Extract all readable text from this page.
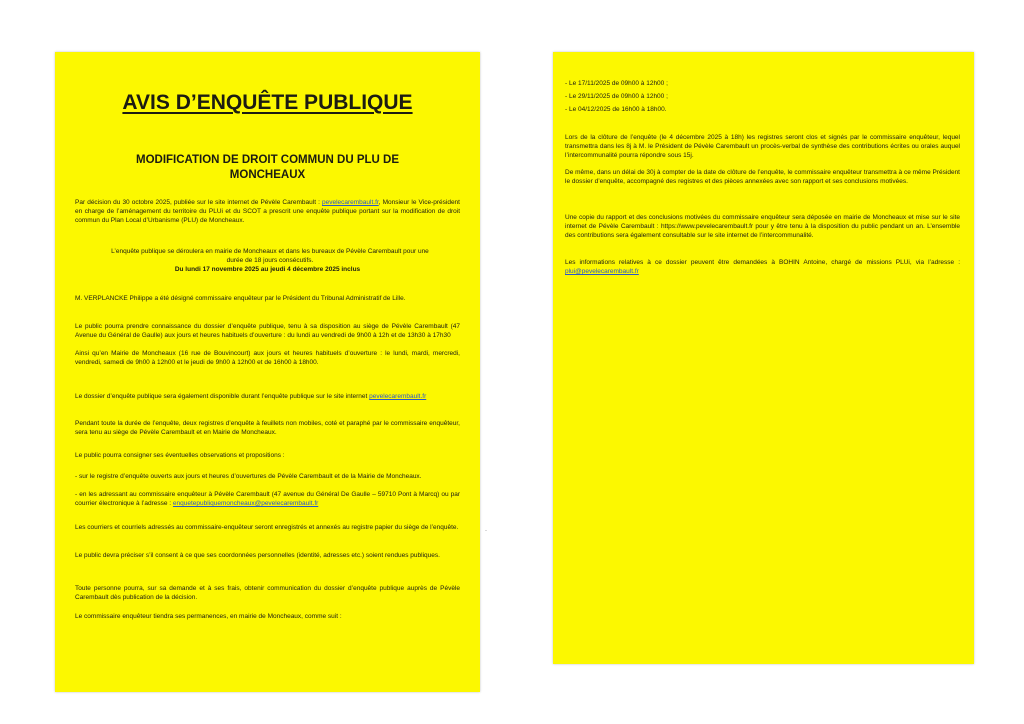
AVIS D’ENQUÊTE PUBLIQUE
MODIFICATION DE DROIT COMMUN DU PLU DE MONCHEAUX

Par décision du 30 octobre 2025, publiée sur le site internet de Pévèle Carembault : pevelecarembault.fr, Monsieur le Vice-président en charge de l’aménagement du territoire du PLUi et du SCOT a prescrit une enquête publique portant sur la modification de droit commun du Plan Local d’Urbanisme (PLU) de Moncheaux.

L’enquête publique se déroulera en mairie de Moncheaux et dans les bureaux de Pévèle Carembault pour une durée de 18 jours consécutifs.

Du lundi 17 novembre 2025 au jeudi 4 décembre 2025 inclus

M. VERPLANCKE Philippe a été désigné commissaire enquêteur par le Président du Tribunal Administratif de Lille.

Le public pourra prendre connaissance du dossier d’enquête publique, tenu à sa disposition au siège de Pévèle Carembault (47 Avenue du Général de Gaulle) aux jours et heures habituels d’ouverture : du lundi au vendredi de 9h00 à 12h et de 13h30 à 17h30

Ainsi qu’en Mairie de Moncheaux (16 rue de Bouvincourt) aux jours et heures habituels d’ouverture : le lundi, mardi, mercredi, vendredi, samedi de 9h00 à 12h00 et le jeudi de 9h00 à 12h00 et de 16h00 à 18h00.

Le dossier d’enquête publique sera également disponible durant l’enquête publique sur le site internet pevelecarembault.fr

Pendant toute la durée de l’enquête, deux registres d’enquête à feuillets non mobiles, coté et paraphé par le commissaire enquêteur, sera tenu au siège de Pévèle Carembault et en Mairie de Moncheaux.

Le public pourra consigner ses éventuelles observations et propositions :

- sur le registre d’enquête ouverts aux jours et heures d’ouvertures de Pévèle Carembault et de la Mairie de Moncheaux.

- en les adressant au commissaire enquêteur à Pévèle Carembault (47 avenue du Général De Gaulle – 59710 Pont à Marcq) ou par courrier électronique à l’adresse : enquetepubliquemoncheaux@pevelecarembault.fr

Les courriers et courriels adressés au commissaire-enquêteur seront enregistrés et annexés au registre papier du siège de l’enquête.

Le public devra préciser s’il consent à ce que ses coordonnées personnelles (identité, adresses etc.) soient rendues publiques.

Toute personne pourra, sur sa demande et à ses frais, obtenir communication du dossier d’enquête publique auprès de Pévèle Carembault dès publication de la décision.

Le commissaire enquêteur tiendra ses permanences, en mairie de Moncheaux, comme suit :

·
- Le 17/11/2025 de 09h00 à 12h00 ;
- Le 29/11/2025 de 09h00 à 12h00 ;
- Le 04/12/2025 de 16h00 à 18h00.

Lors de la clôture de l’enquête (le 4 décembre 2025 à 18h) les registres seront clos et signés par le commissaire enquêteur, lequel transmettra dans les 8j à M. le Président de Pévèle Carembault un procès-verbal de synthèse des contributions écrites ou orales auquel l’intercommunalité pourra répondre sous 15j.

De même, dans un délai de 30j à compter de la date de clôture de l’enquête, le commissaire enquêteur transmettra à ce même Président le dossier d’enquête, accompagné des registres et des pièces annexées avec son rapport et ses conclusions motivées.

Une copie du rapport et des conclusions motivées du commissaire enquêteur sera déposée en mairie de Moncheaux et mise sur le site internet de Pévèle Carembault : https://www.pevelecarembault.fr pour y être tenu à la disposition du public pendant un an. L’ensemble des contributions sera également consultable sur le site internet de l’intercommunalité.

Les informations relatives à ce dossier peuvent être demandées à BOHIN Antoine, chargé de missions PLUi, via l’adresse : plui@pevelecarembault.fr
